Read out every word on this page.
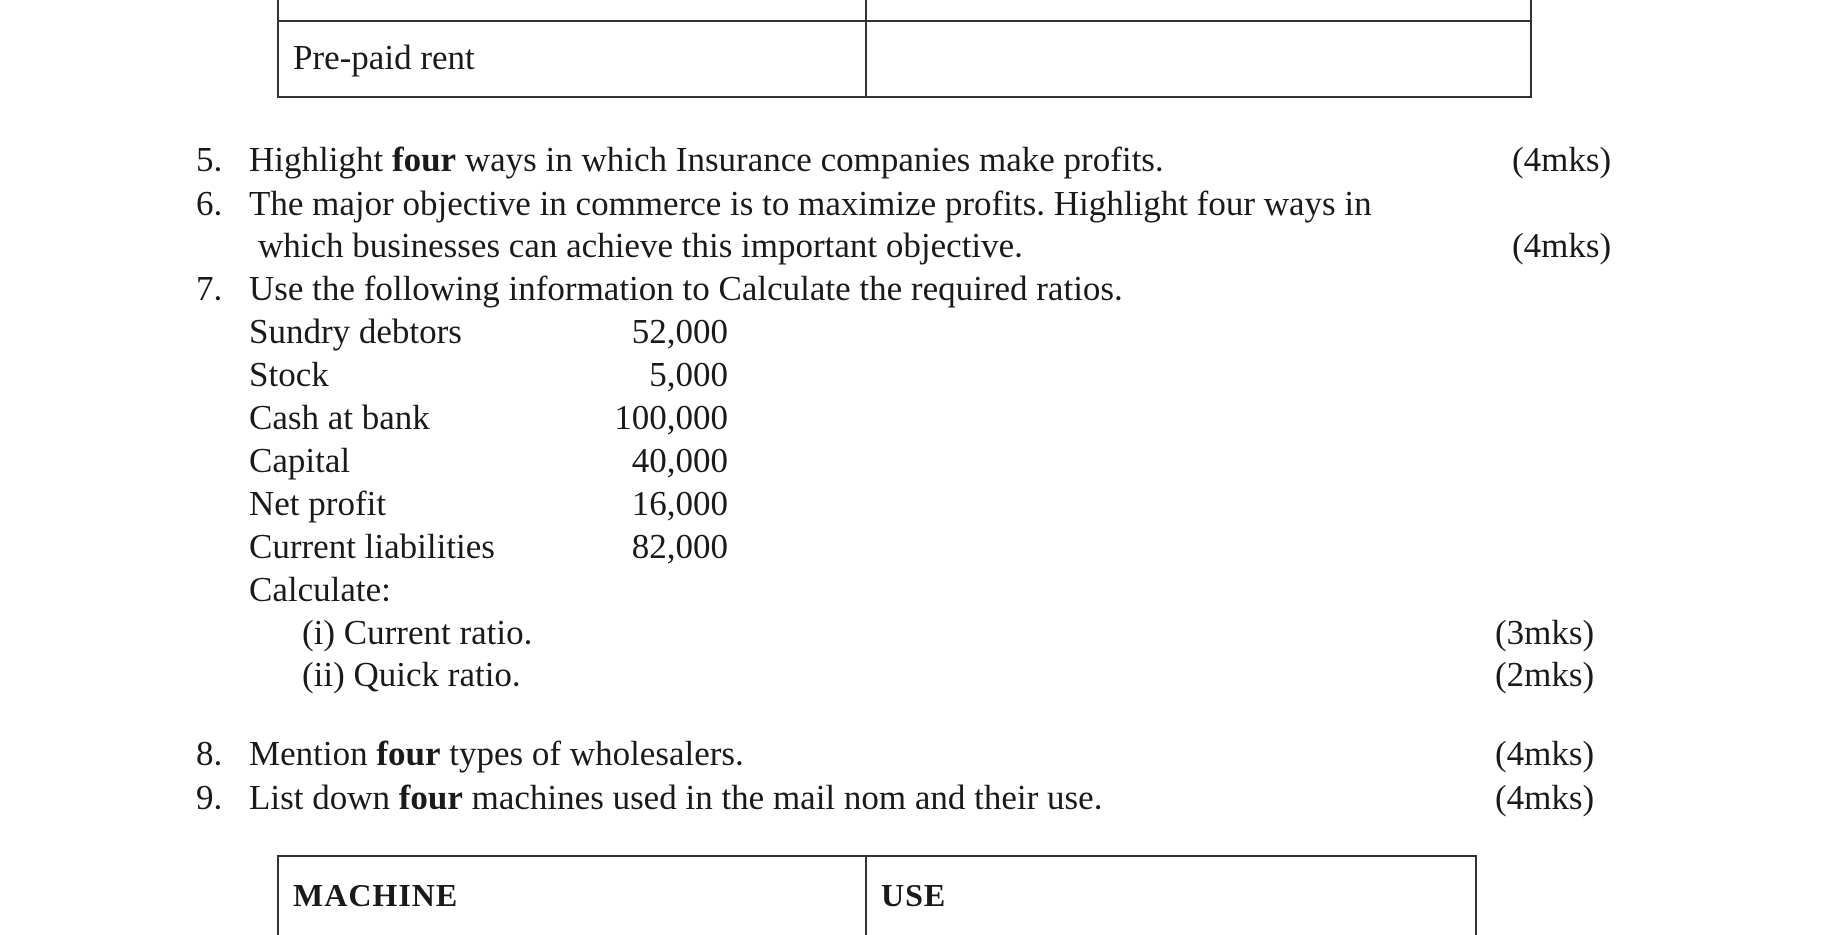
Pre-paid rent
5. Highlight four ways in which Insurance companies make profits.	(4mks)
6. The major objective in commerce is to maximize profits. Highlight four ways in
which businesses can achieve this important objective.	(4mks)
7. Use the following information to Calculate the required ratios.
Sundry debtors	52,000
Stock	5,000
Cash at bank	100,000
Capital	40,000
Net profit	16,000
Current liabilities	82,000
Calculate:
(i) Current ratio.	(3mks)
(ii) Quick ratio.	(2mks)
8. Mention four types of wholesalers.	(4mks)
9. List down four machines used in the mail nom and their use.	(4mks)
MACHINE	USE
